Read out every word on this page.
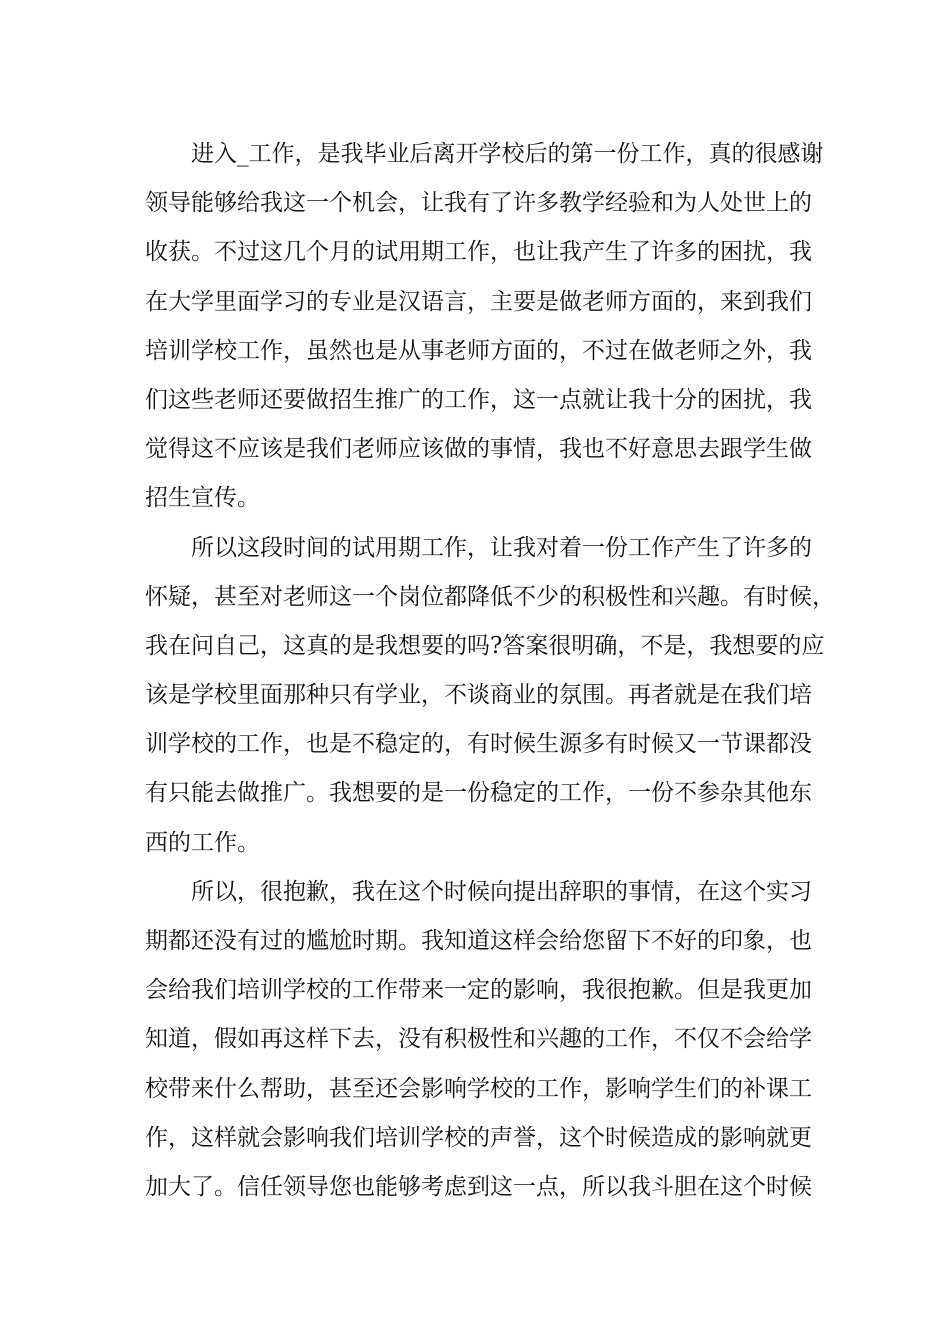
进入_工作，是我毕业后离开学校后的第一份工作，真的很感谢
领导能够给我这一个机会，让我有了许多教学经验和为人处世上的
收获。不过这几个月的试用期工作，也让我产生了许多的困扰，我
在大学里面学习的专业是汉语言，主要是做老师方面的，来到我们
培训学校工作，虽然也是从事老师方面的，不过在做老师之外，我
们这些老师还要做招生推广的工作，这一点就让我十分的困扰，我
觉得这不应该是我们老师应该做的事情，我也不好意思去跟学生做
招生宣传。
所以这段时间的试用期工作，让我对着一份工作产生了许多的
怀疑，甚至对老师这一个岗位都降低不少的积极性和兴趣。有时候，
我在问自己，这真的是我想要的吗?答案很明确，不是，我想要的应
该是学校里面那种只有学业，不谈商业的氛围。再者就是在我们培
训学校的工作，也是不稳定的，有时候生源多有时候又一节课都没
有只能去做推广。我想要的是一份稳定的工作，一份不参杂其他东
西的工作。
所以，很抱歉，我在这个时候向提出辞职的事情，在这个实习
期都还没有过的尴尬时期。我知道这样会给您留下不好的印象，也
会给我们培训学校的工作带来一定的影响，我很抱歉。但是我更加
知道，假如再这样下去，没有积极性和兴趣的工作，不仅不会给学
校带来什么帮助，甚至还会影响学校的工作，影响学生们的补课工
作，这样就会影响我们培训学校的声誉，这个时候造成的影响就更
加大了。信任领导您也能够考虑到这一点，所以我斗胆在这个时候
